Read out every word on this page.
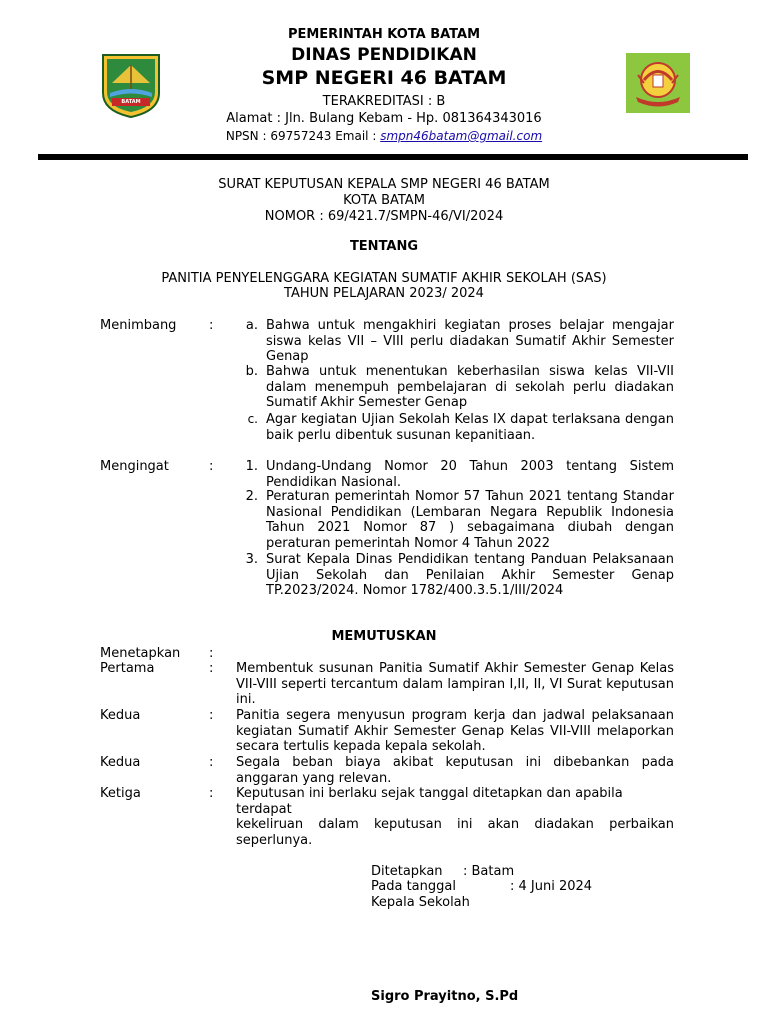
BATAM
PEMERINTAH KOTA BATAM
DINAS PENDIDIKAN
SMP NEGERI 46 BATAM
TERAKREDITASI : B
Alamat : Jln. Bulang Kebam - Hp. 081364343016
NPSN : 69757243 Email : smpn46batam@gmail.com
SURAT KEPUTUSAN KEPALA SMP NEGERI 46 BATAM
KOTA BATAM
NOMOR : 69/421.7/SMPN-46/VI/2024
TENTANG
PANITIA PENYELENGGARA KEGIATAN SUMATIF AKHIR SEKOLAH (SAS)
TAHUN PELAJARAN 2023/ 2024
Menimbang	:	a. Bahwa untuk mengakhiri kegiatan proses belajar mengajar siswa kelas VII – VIII perlu diadakan Sumatif Akhir Semester Genap
b. Bahwa untuk menentukan keberhasilan siswa kelas VII-VII dalam menempuh pembelajaran di sekolah perlu diadakan Sumatif Akhir Semester Genap
c. Agar kegiatan Ujian Sekolah Kelas IX dapat terlaksana dengan baik perlu dibentuk susunan kepanitiaan.
Mengingat	:	1. Undang-Undang Nomor 20 Tahun 2003 tentang Sistem Pendidikan Nasional.
2. Peraturan pemerintah Nomor 57 Tahun 2021 tentang Standar Nasional Pendidikan (Lembaran Negara Republik Indonesia Tahun 2021 Nomor 87 ) sebagaimana diubah dengan peraturan pemerintah Nomor 4 Tahun 2022
3. Surat Kepala Dinas Pendidikan tentang Panduan Pelaksanaan Ujian Sekolah dan Penilaian Akhir Semester Genap TP.2023/2024. Nomor 1782/400.3.5.1/III/2024
MEMUTUSKAN
Menetapkan :
Pertama	: Membentuk susunan Panitia Sumatif Akhir Semester Genap Kelas VII-VIII seperti tercantum dalam lampiran I,II, II, VI Surat keputusan ini.
Kedua	: Panitia segera menyusun program kerja dan jadwal pelaksanaan kegiatan Sumatif Akhir Semester Genap Kelas VII-VIII melaporkan secara tertulis kepada kepala sekolah.
Kedua	: Segala beban biaya akibat keputusan ini dibebankan pada anggaran yang relevan.
Ketiga	: Keputusan ini berlaku sejak tanggal ditetapkan dan apabila terdapat
kekeliruan dalam keputusan ini akan diadakan perbaikan seperlunya.
Ditetapkan : Batam
Pada tanggal	: 4 Juni 2024
Kepala Sekolah
Sigro Prayitno, S.Pd
